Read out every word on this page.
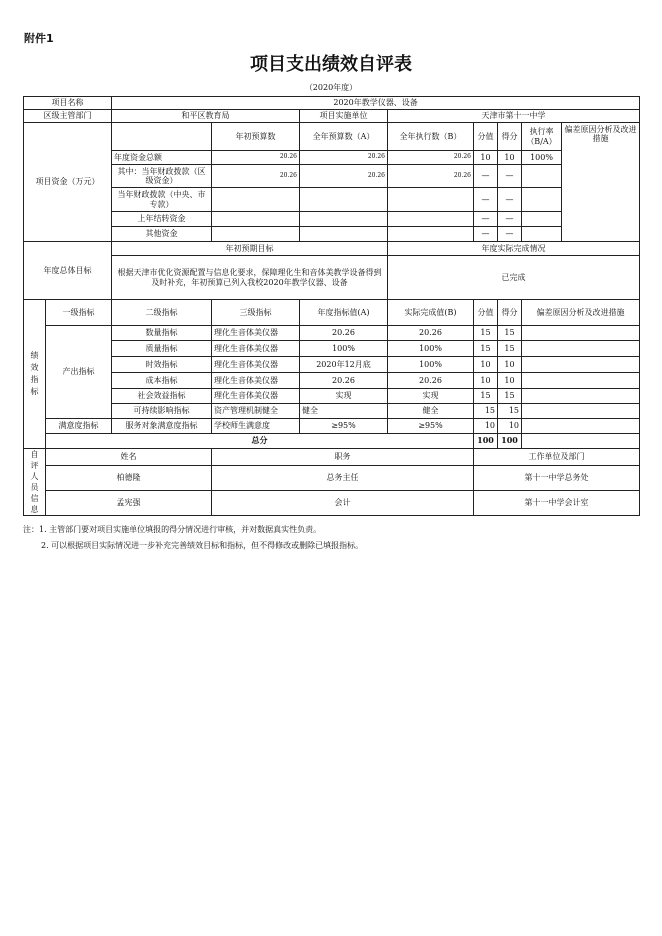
附件1
项目支出绩效自评表
（2020年度）
项目名称		2020年教学仪器、设备							
区级主管部门		和平区教育局		项目实施单位	天津市第十一中学				
项目资金（万元）			年初预算数	全年预算数（A）	全年执行数（B）	分值	得分	执行率（B/A）	偏差原因分析及改进措施
		年度资金总额	20.26	20.26	20.26	10	10	100%	
		其中：当年财政拨款（区级资金）	20.26	20.26	20.26	—	—		
		当年财政拨款（中央、市专款）				—	—		
		上年结转资金				—	—		
		其他资金				—	—		
年度总体目标		年初预期目标			年度实际完成情况				
		根据天津市优化资源配置与信息化要求，保障理化生和音体美教学设备得到及时补充，年初预算已列入我校2020年教学仪器、设备			已完成				

绩效指标	一级指标	二级指标	三级指标	年度指标值(A)	实际完成值(B)	分值	得分	偏差原因分析及改进措施	
	产出指标	数量指标	理化生音体美仪器	20.26	20.26	15	15		
		质量指标	理化生音体美仪器	100%	100%	15	15		
		时效指标	理化生音体美仪器	2020年12月底	100%	10	10		
		成本指标	理化生音体美仪器	20.26	20.26	10	10		
		社会效益指标	理化生音体美仪器	实现	实现	15	15		
		可持续影响指标	资产管理机制健全	健全	健全	15	15		
	满意度指标	服务对象满意度指标	学校师生满意度	≥95%	≥95%	10	10		
	总分					100	100		

自评人员信息	姓名		职务			工作单位及部门			
	柏德隆		总务主任			第十一中学总务处			
	孟宪强		会计			第十一中学会计室			
注：1. 主管部门要对项目实施单位填报的得分情况进行审核，并对数据真实性负责。
2. 可以根据项目实际情况进一步补充完善绩效目标和指标，但不得修改或删除已填报指标。
